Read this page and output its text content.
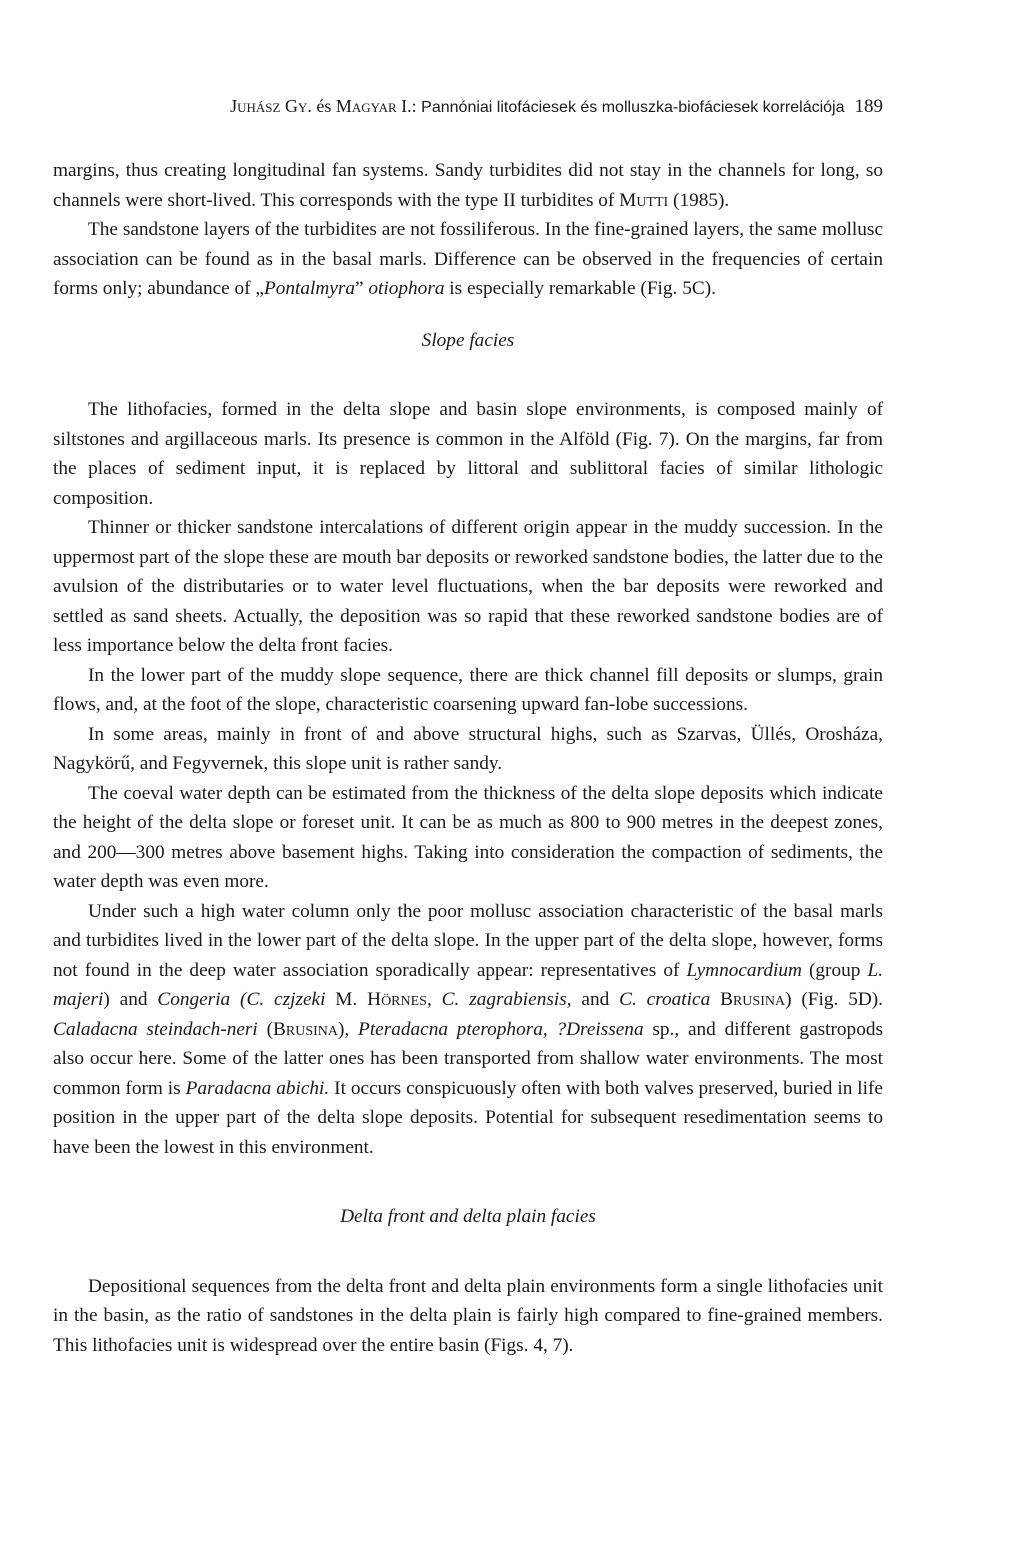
Juhász Gy. és Magyar I.: Pannóniai litofáciesek és molluszka-biofáciesek korrelációja 189

margins, thus creating longitudinal fan systems. Sandy turbidites did not stay in the channels for long, so channels were short-lived. This corresponds with the type II turbidites of Mutti (1985).

The sandstone layers of the turbidites are not fossiliferous. In the fine-grained layers, the same mollusc association can be found as in the basal marls. Difference can be observed in the frequencies of certain forms only; abundance of „Pontalmyra” otiophora is especially remarkable (Fig. 5C).

Slope facies

The lithofacies, formed in the delta slope and basin slope environments, is composed mainly of siltstones and argillaceous marls. Its presence is common in the Alföld (Fig. 7). On the margins, far from the places of sediment input, it is replaced by littoral and sublittoral facies of similar lithologic composition.

Thinner or thicker sandstone intercalations of different origin appear in the muddy succession. In the uppermost part of the slope these are mouth bar deposits or reworked sandstone bodies, the latter due to the avulsion of the distributaries or to water level fluctuations, when the bar deposits were reworked and settled as sand sheets. Actually, the deposition was so rapid that these reworked sandstone bodies are of less importance below the delta front facies.

In the lower part of the muddy slope sequence, there are thick channel fill deposits or slumps, grain flows, and, at the foot of the slope, characteristic coarsening upward fan-lobe successions.

In some areas, mainly in front of and above structural highs, such as Szarvas, Üllés, Orosháza, Nagykörű, and Fegyvernek, this slope unit is rather sandy.

The coeval water depth can be estimated from the thickness of the delta slope deposits which indicate the height of the delta slope or foreset unit. It can be as much as 800 to 900 metres in the deepest zones, and 200—300 metres above basement highs. Taking into consideration the compaction of sediments, the water depth was even more.

Under such a high water column only the poor mollusc association characteristic of the basal marls and turbidites lived in the lower part of the delta slope. In the upper part of the delta slope, however, forms not found in the deep water association sporadically appear: representatives of Lymnocardium (group L. majeri) and Congeria (C. czjzeki M. Hörnes, C. zagrabiensis, and C. croatica Brusina) (Fig. 5D). Caladacna steindach-neri (Brusina), Pteradacna pterophora, ?Dreissena sp., and different gastropods also occur here. Some of the latter ones has been transported from shallow water environments. The most common form is Paradacna abichi. It occurs conspicuously often with both valves preserved, buried in life position in the upper part of the delta slope deposits. Potential for subsequent resedimentation seems to have been the lowest in this environment.

Delta front and delta plain facies

Depositional sequences from the delta front and delta plain environments form a single lithofacies unit in the basin, as the ratio of sandstones in the delta plain is fairly high compared to fine-grained members. This lithofacies unit is widespread over the entire basin (Figs. 4, 7).
